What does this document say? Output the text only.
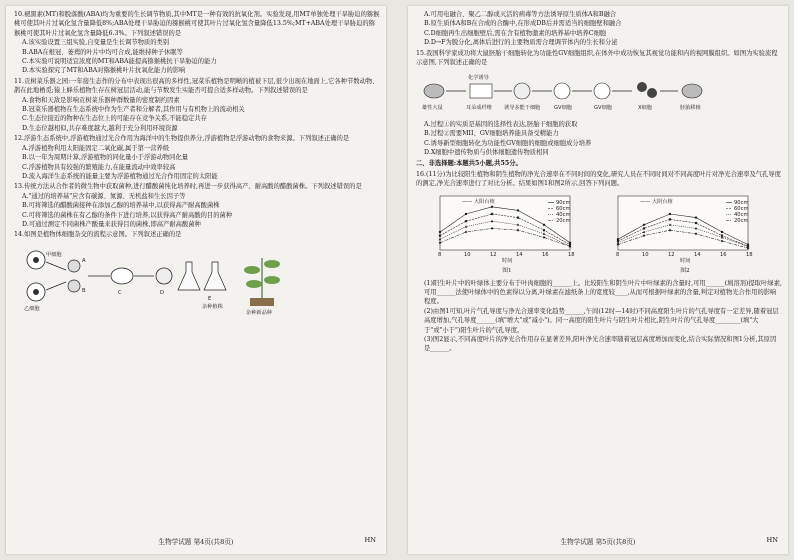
10.褪黑素(MT)和脱落酸(ABA)均为重要的生长调节物质,其中MT是一种有效的抗氧化剂。实验发现,用MT单独处理干旱胁迫的猕猴桃可使其叶片过氧化氢含量降低8%;ABA处理干旱胁迫的猕猴桃可使其叶片过氧化氢含量降低13.5%;MT+ABA处理干旱胁迫的猕猴桃可使其叶片过氧化氢含量降低6.3%。下列叙述错误的是
A.该实验设置三组实验,自变量是生长调节物质的类别
B.ABA在根冠、萎蔫的叶片中均可合成,能维持种子休眠等
C.本实验可说明适宜浓度的MT和ABA能提高猕猴桃抗干旱胁迫的能力
D.本实验探究了MT和ABA对猕猴桃叶片抗氧化能力的影响
11.贡树菜乐器之园:一年接生态作的分布中表现出很高的多样性,冠菜乐植物是明晰的植被下层,很少出现在地面上,它各种节数动物、鹊在此地栖觅;猿上蜂乐植物生存在树冠层活动,能与节数发生实能否可提合适多样动物。下列叙述错误的是
A.食物和天敌是影响贡树菜乐器种群数量的密度制约因素
B.冠菜乐器植物在生态系统中作为生产者和分解者,其作用与有机物上的流动相关
C.生态位接近的物种在生态位上的可能存在竞争关系,不能稳定共存
D.生态位越相似,共存难度越大,越利于充分利用环境资源
12.浮游生态系统中,浮游植物通过光合作用为海洋中的生物提供养分,浮游植物是浮游动物的食物来源。下列叙述正确的是
A.浮游植物利用太阳能固定二氧化碳,属于第一营养级
B.以一年为周期计算,浮游植物的同化量小于浮游动物同化量
C.浮游植物具有较强的繁殖能力,在能量流动中效率较高
D.流入海洋生态系统的能量主要为浮游植物通过光合作用固定的太阳能
13.传统方法从合作者的微生物中获取菌种,进行醋酸菌纯化培养时,再进一步获得高产、耐高酸的醋酸菌株。下列叙述错误的是
A."通过的培养基"应含有碳源、氮源、无机盐和生长因子等
B.可将筛选的醋酸菌接种在添加乙醇的培养基中,以获得高产耐高酸菌株
C.可将筛选的菌株在有乙醇的条件下进行培养,以获得高产耐高酸的目的菌种
D.可通过测定不同菌株产酸量来获得目的菌株,即高产耐高酸菌种
14.如图是植物体细胞杂交的流程示意图。下列叙述正确的是
甲细胞
乙细胞
A
B	C	D
E
杂种植株
杂种新品种
生物学试题 第4页(共8页)	HN
A.可用电融合、聚乙二醇或灭活的病毒等方法诱导原生质体A和B融合
B.原生质体A和B在合成的合酶中,在形成DB后并需适当的细胞壁和融合
C.D细胞再生出细胞壁后,需在含有植物激素的培养基中培养C细胞
D.D→F为脱分化,离体后进行的主要物质需合理调节体内的生长和分泌
15.我国科学家成功将大鼠胚胎干细胞转化为功能性GV细胞组织,在体外中成功恢复其视觉功能和内的视网膜组织。如图为实验流程示意图,下列叙述正确的是
雄性大鼠
化学诱导
耳朵成纤维 诱导多能干细胞	GV细胞	GV细胞	X细胞	胚胎移植
A.过程①的实质是基因的选择性表达,胚胎干细胞的获取
B.过程②需要MII、GV细胞培养能具备受精能力
C.诱导新型细胞转化为功能性GV细胞的细胞或细胞成分培养
D.X细胞中遗传物质与供体细胞遗传物质相同
二、非选择题:本题共5小题,共55分。
16.(11分)为比较阳生植物和阴生植物的净光合速率在不同时间的变化,研究人员在不同时间对不同高度叶片对净光合速率及气孔导度的测定,净光合速率进行了对比分析。结果如图1和图2所示,回答下列问题。
—— 大阳台植
时间
8	10	12	14	16	18
90cm
60cm
40cm
20cm
图1
—— 大阴台植
时间
8	10	12	14	16	18
90cm
60cm
40cm
20cm
图2
(1)阳生叶片中的叶绿体主要分布于叶肉细胞的______上。比较阳生和阴生叶片中叶绿素的含量时,可用______(填溶剂)提取叶绿素,可用______法使叶绿体中的色素得以分离,叶绿素在滤纸条上的宽度较____,从而可根据叶绿素的含量,判定对植物光合作用的影响程度。
(2)由图1可知,叶片气孔导度与净光合速率变化趋势______,午间(12时—14时)不同高度阳生叶片的气孔导度有一定差异,随着冠层高度增加,气孔导度______(填"增大"或"减小")。同一高度的阳生叶片与阴生叶片相比,阴生叶片的气孔导度________(填"大于"或"小于")阳生叶片的气孔导度。
(3)图2显示,不同高度叶片的净光合作用存在显著差异,阳叶净光合速率随着冠层高度增加而变化,结合实际情况和图1分析,其原因是______。
生物学试题 第5页(共8页)	HN
